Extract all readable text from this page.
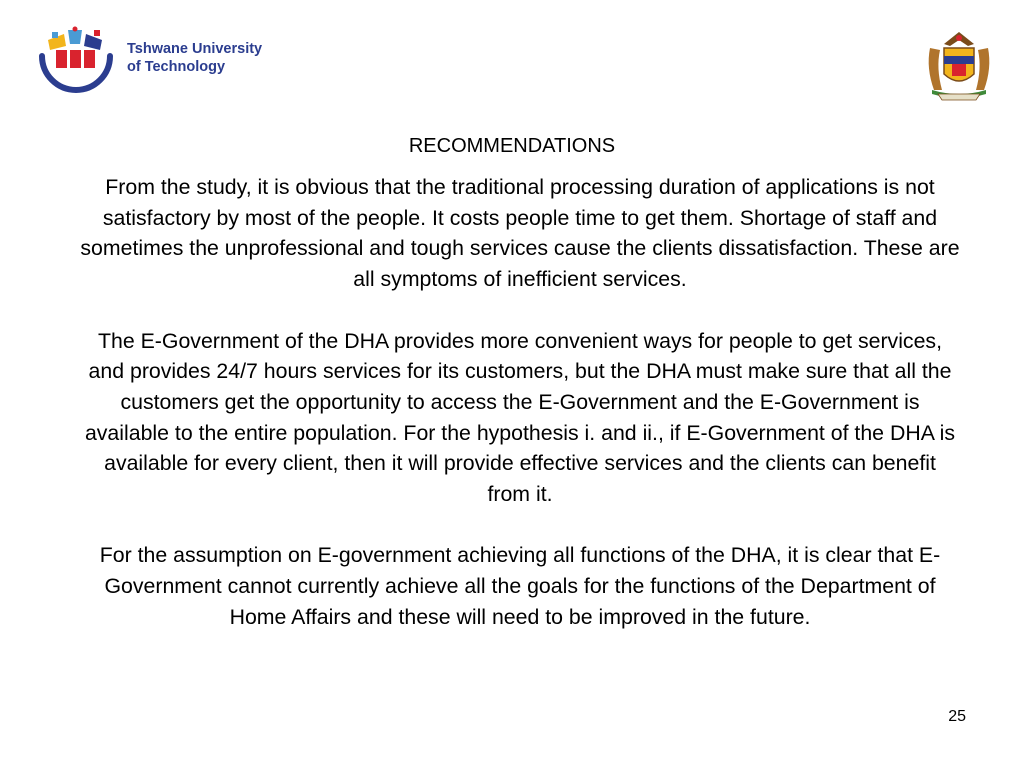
Tshwane University
of Technology
RECOMMENDATIONS

From the study, it is obvious that the traditional processing duration of applications is not satisfactory by most of the people. It costs people time to get them. Shortage of staff and sometimes the unprofessional and tough services cause the clients dissatisfaction. These are all symptoms of inefficient services.

The E-Government of the DHA provides more convenient ways for people to get services, and provides 24/7 hours services for its customers, but the DHA must make sure that all the customers get the opportunity to access the E-Government and the E-Government is available to the entire population. For the hypothesis i. and ii., if E-Government of the DHA is available for every client, then it will provide effective services and the clients can benefit from it.

For the assumption on E-government achieving all functions of the DHA, it is clear that E-Government cannot currently achieve all the goals for the functions of the Department of Home Affairs and these will need to be improved in the future.

25
